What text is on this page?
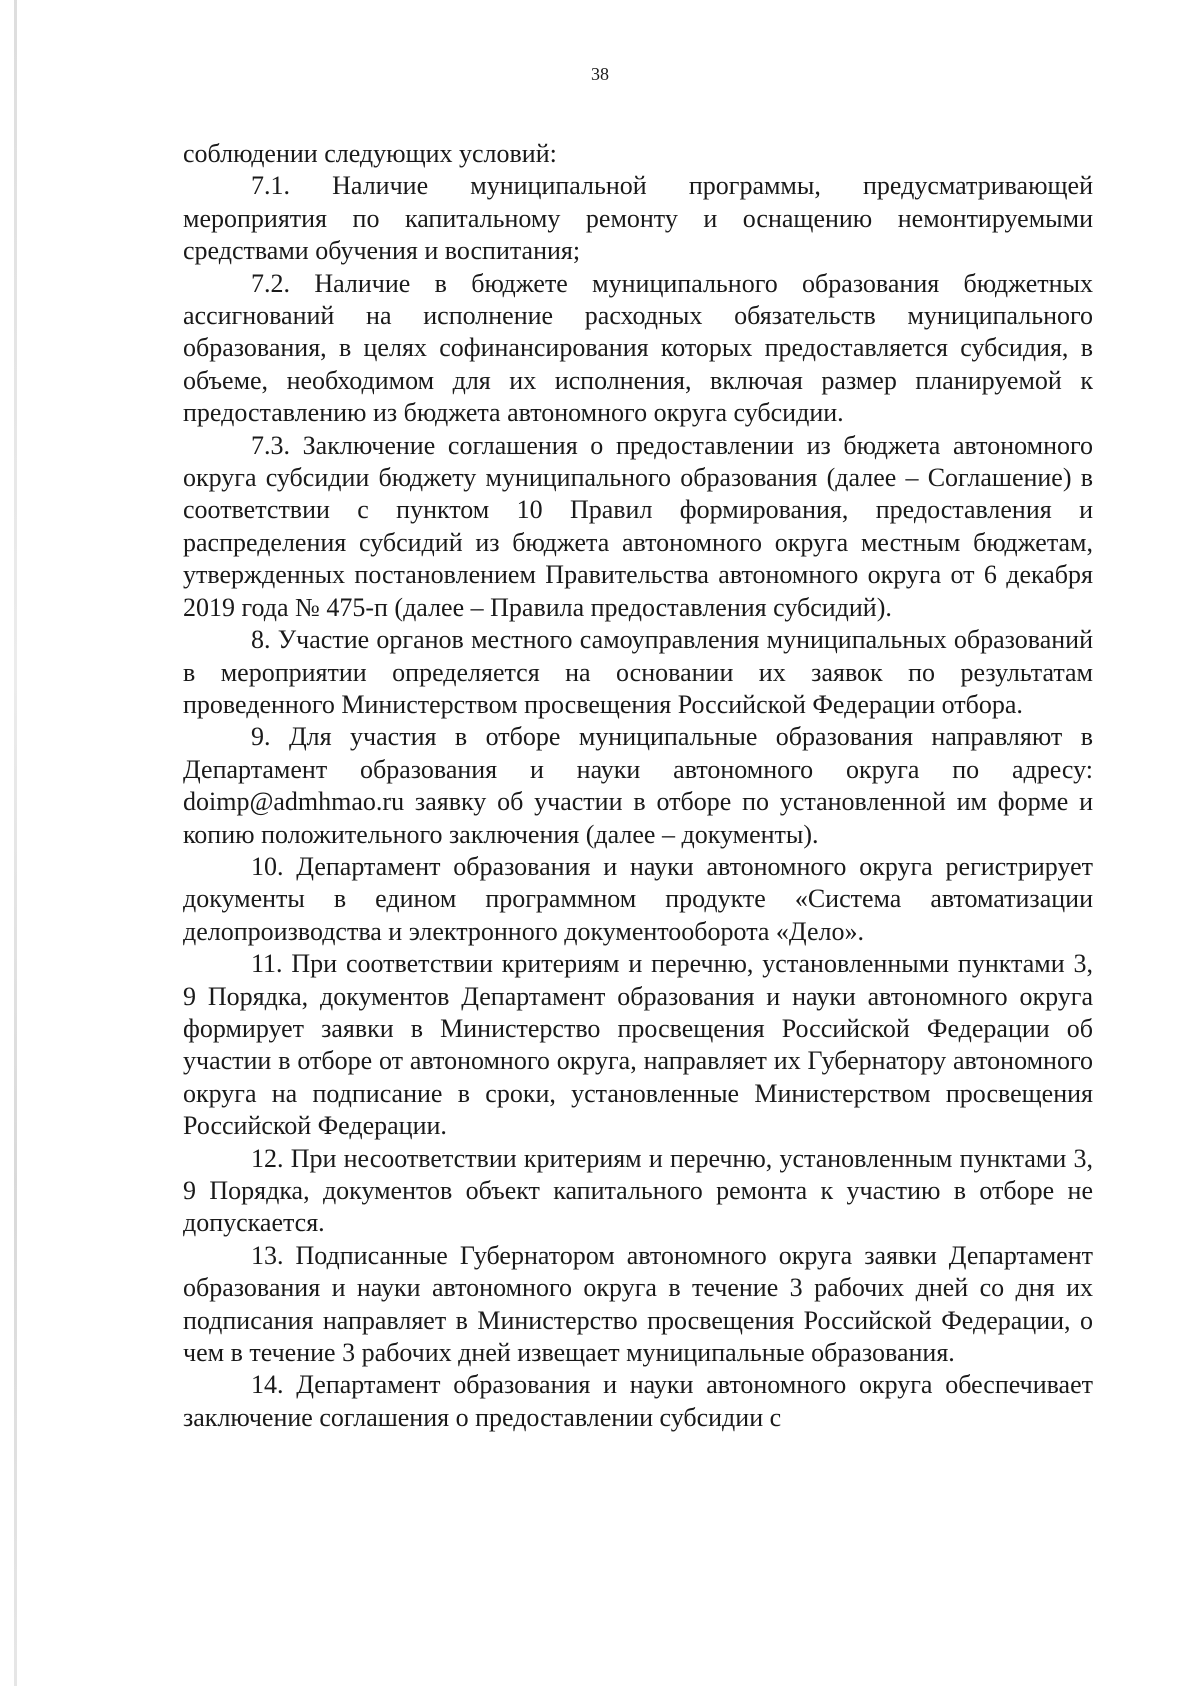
38

соблюдении следующих условий:

7.1. Наличие муниципальной программы, предусматривающей мероприятия по капитальному ремонту и оснащению немонтируемыми средствами обучения и воспитания;

7.2. Наличие в бюджете муниципального образования бюджетных ассигнований на исполнение расходных обязательств муниципального образования, в целях софинансирования которых предоставляется субсидия, в объеме, необходимом для их исполнения, включая размер планируемой к предоставлению из бюджета автономного округа субсидии.

7.3. Заключение соглашения о предоставлении из бюджета автономного округа субсидии бюджету муниципального образования (далее – Соглашение) в соответствии с пунктом 10 Правил формирования, предоставления и распределения субсидий из бюджета автономного округа местным бюджетам, утвержденных постановлением Правительства автономного округа от 6 декабря 2019 года № 475-п (далее – Правила предоставления субсидий).

8. Участие органов местного самоуправления муниципальных образований в мероприятии определяется на основании их заявок по результатам проведенного Министерством просвещения Российской Федерации отбора.

9. Для участия в отборе муниципальные образования направляют в Департамент образования и науки автономного округа по адресу: doimp@admhmao.ru заявку об участии в отборе по установленной им форме и копию положительного заключения (далее – документы).

10. Департамент образования и науки автономного округа регистрирует документы в едином программном продукте «Система автоматизации делопроизводства и электронного документооборота «Дело».

11. При соответствии критериям и перечню, установленными пунктами 3, 9 Порядка, документов Департамент образования и науки автономного округа формирует заявки в Министерство просвещения Российской Федерации об участии в отборе от автономного округа, направляет их Губернатору автономного округа на подписание в сроки, установленные Министерством просвещения Российской Федерации.

12. При несоответствии критериям и перечню, установленным пунктами 3, 9 Порядка, документов объект капитального ремонта к участию в отборе не допускается.

13. Подписанные Губернатором автономного округа заявки Департамент образования и науки автономного округа в течение 3 рабочих дней со дня их подписания направляет в Министерство просвещения Российской Федерации, о чем в течение 3 рабочих дней извещает муниципальные образования.

14. Департамент образования и науки автономного округа обеспечивает заключение соглашения о предоставлении субсидии с
